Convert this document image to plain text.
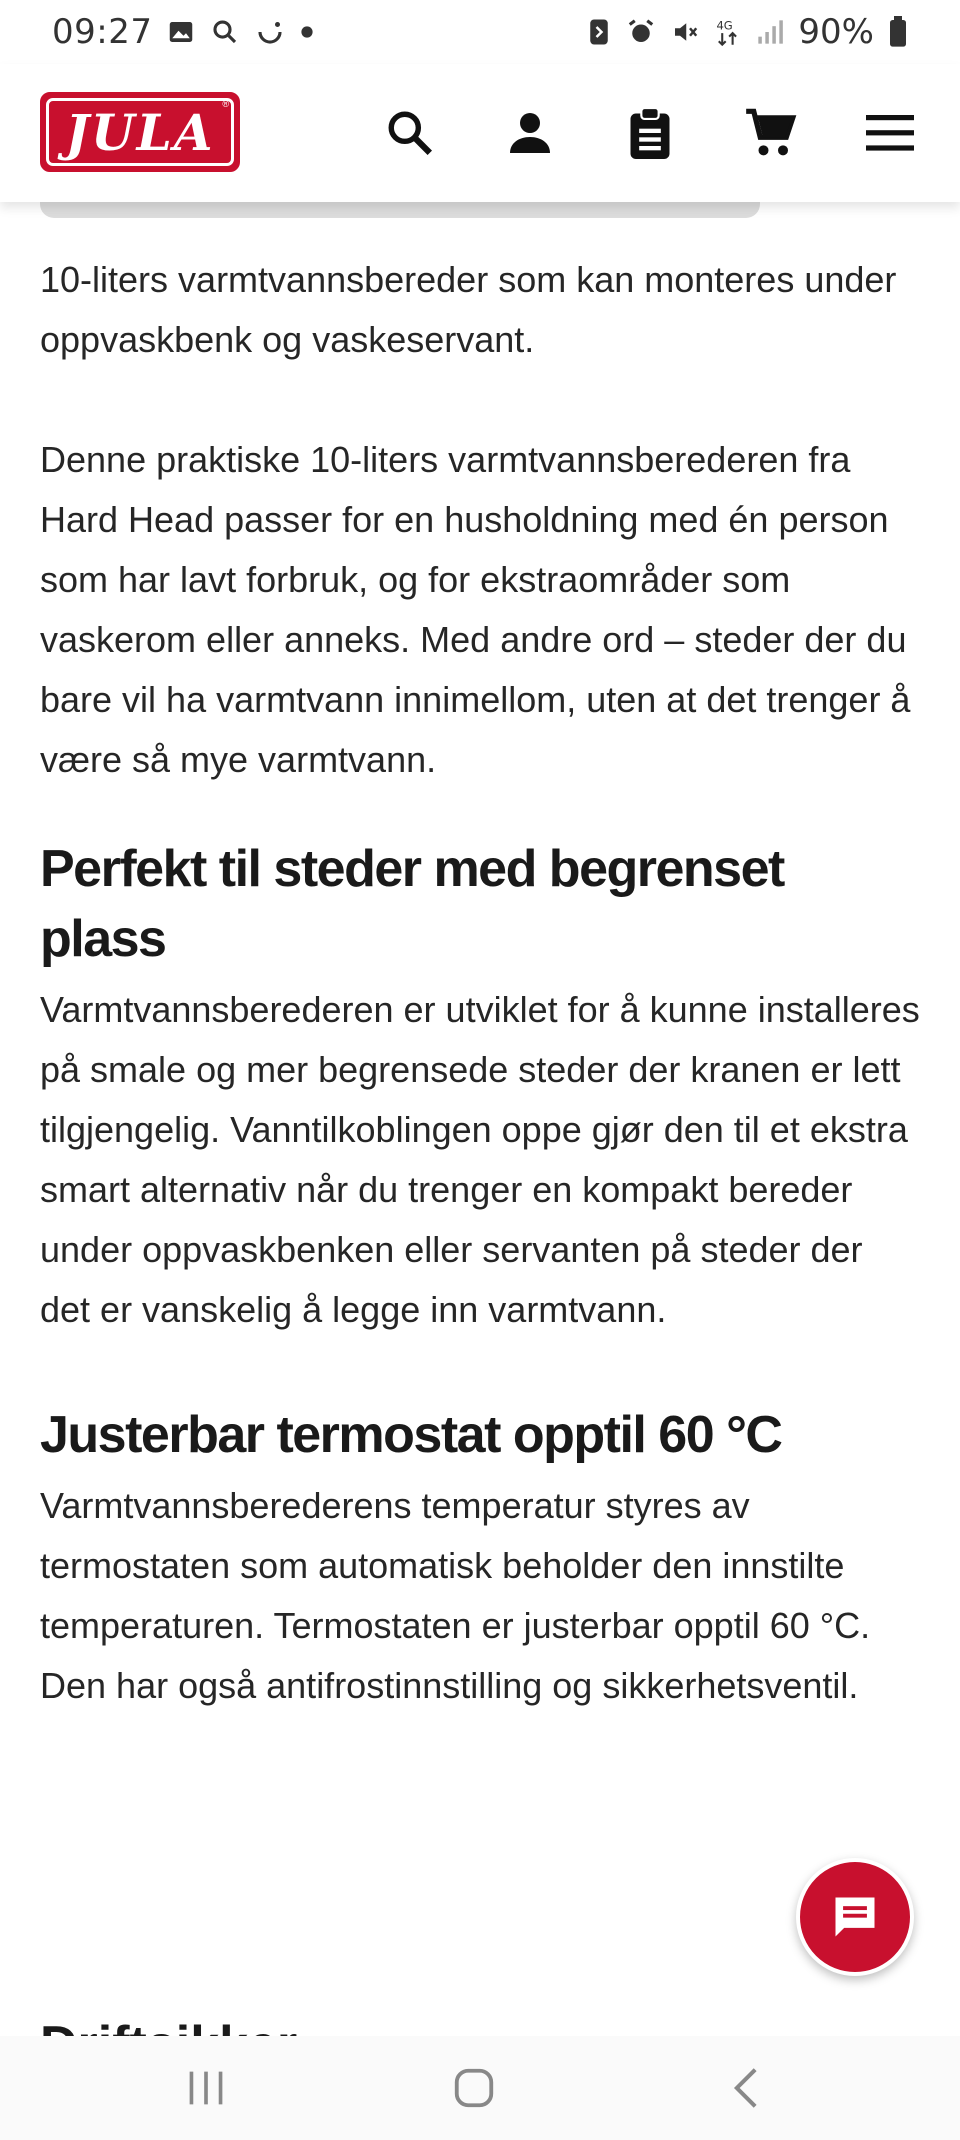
09:27	4G 90%
JULA ®

10-liters varmtvannsbereder som kan monteres under oppvaskbenk og vaskeservant.

Denne praktiske 10-liters varmtvannsberederen fra Hard Head passer for en husholdning med én person som har lavt forbruk, og for ekstraområder som vaskerom eller anneks. Med andre ord – steder der du bare vil ha varmtvann innimellom, uten at det trenger å være så mye varmtvann.

Perfekt til steder med begrenset plass

Varmtvannsberederen er utviklet for å kunne installeres på smale og mer begrensede steder der kranen er lett tilgjengelig. Vanntilkoblingen oppe gjør den til et ekstra smart alternativ når du trenger en kompakt bereder under oppvaskbenken eller servanten på steder der det er vanskelig å legge inn varmtvann.

Justerbar termostat opptil 60 °C

Varmtvannsberederens temperatur styres av termostaten som automatisk beholder den innstilte temperaturen. Termostaten er justerbar opptil 60 °C. Den har også antifrostinnstilling og sikkerhetsventil.
